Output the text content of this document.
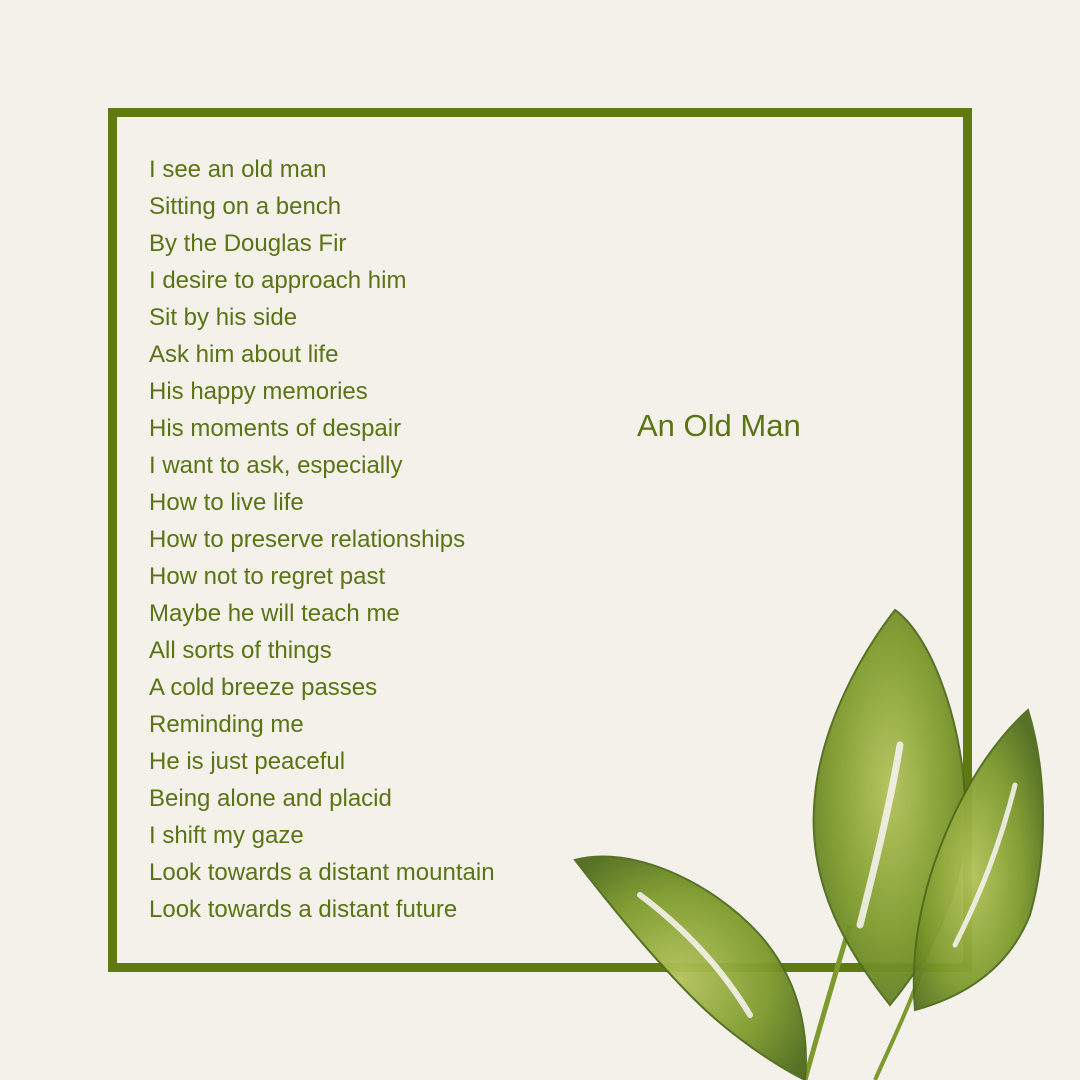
I see an old man
Sitting on a bench
By the Douglas Fir
I desire to approach him
Sit by his side
Ask him about life
His happy memories
His moments of despair
I want to ask, especially
How to live life
How to preserve relationships
How not to regret past
Maybe he will teach me
All sorts of things
A cold breeze passes
Reminding me
He is just peaceful
Being alone and placid
I shift my gaze
Look towards a distant mountain
Look towards a distant future
An Old Man
